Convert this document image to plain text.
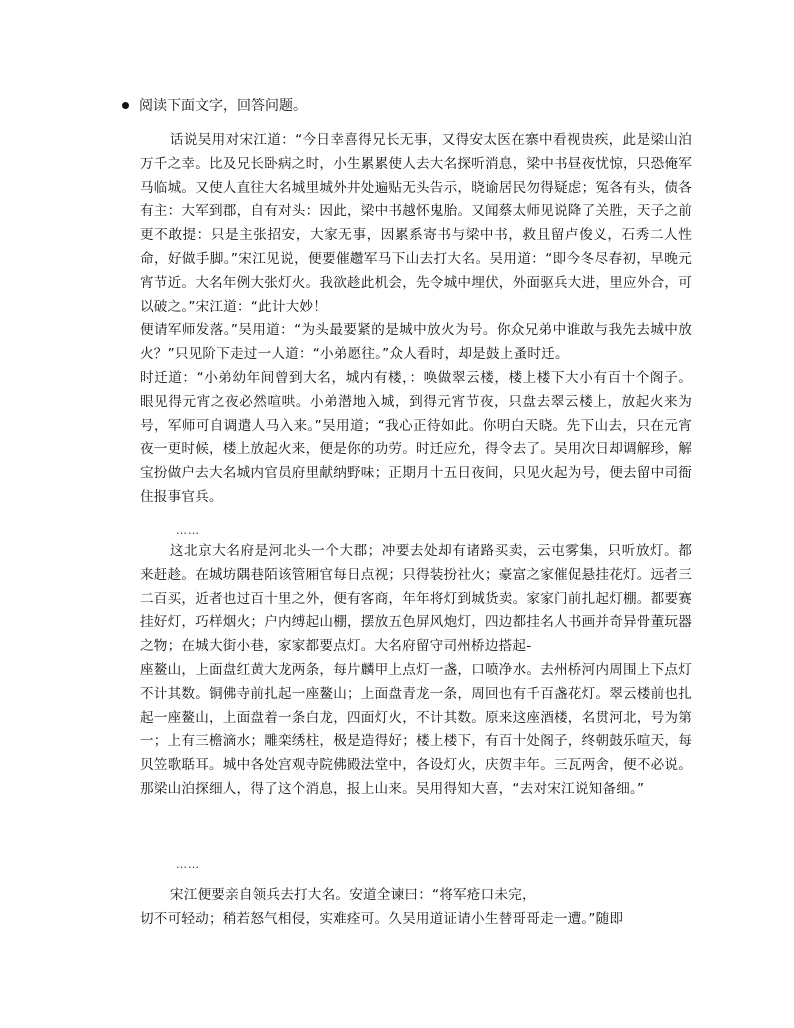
阅读下面文字，回答问题。

话说吴用对宋江道：“今日幸喜得兄长无事，又得安太医在寨中看视贵疾，此是梁山泊万千之幸。比及兄长卧病之时，小生累累使人去大名探听消息，梁中书昼夜忧惊，只恐俺军马临城。又使人直往大名城里城外井处遍贴无头告示，晓谕居民勿得疑虑；冤各有头，债各有主：大军到郡，自有对头：因此，梁中书越怀鬼胎。又闻蔡太师见说降了关胜，天子之前更不敢提：只是主张招安，大家无事，因累系寄书与梁中书，救且留卢俊义，石秀二人性命，好做手脚。”宋江见说，便要催趱军马下山去打大名。吴用道：“即今冬尽春初，早晚元宵节近。大名年例大张灯火。我欲趁此机会，先令城中埋伏，外面驱兵大进，里应外合，可以破之。”宋江道：“此计大妙！

便请军师发落。”吴用道：“为头最要紧的是城中放火为号。你众兄弟中谁敢与我先去城中放火？”只见阶下走过一人道：“小弟愿往。”众人看时，却是鼓上蚤时迁。

时迁道：“小弟幼年间曾到大名，城内有楼，：唤做翠云楼，楼上楼下大小有百十个阁子。眼见得元宵之夜必然喧哄。小弟潜地入城，到得元宵节夜，只盘去翠云楼上，放起火来为号，军师可自调遣人马入来。”吴用道；“我心正待如此。你明白天晓。先下山去，只在元宵夜一更时候，楼上放起火来，便是你的功劳。时迁应允，得令去了。吴用次日却调解珍，解宝扮做户去大名城内官员府里献纳野味；正期月十五日夜间，只见火起为号，便去留中司衙住报事官兵。

……

这北京大名府是河北头一个大郡；冲要去处却有诸路买卖，云屯雾集，只听放灯。都来赶趁。在城坊隅巷陌该管厢官每日点视；只得装扮社火；豪富之家催促悬挂花灯。远者三二百买，近者也过百十里之外，便有客商，年年将灯到城货卖。家家门前扎起灯棚。都要赛挂好灯，巧样烟火；户内缚起山棚，摆放五色屏风炮灯，四边都挂名人书画并奇异骨董玩器之物；在城大街小巷，家家都要点灯。大名府留守司州桥边搭起-

座鳌山，上面盘红黄大龙两条，每片麟甲上点灯一盏，口喷净水。去州桥河内周围上下点灯不计其数。铜佛寺前扎起一座鳌山；上面盘青龙一条，周回也有千百盏花灯。翠云楼前也扎起一座鳌山，上面盘着一条白龙，四面灯火，不计其数。原来这座酒楼，名贯河北，号为第一；上有三檐滴水；雕栾绣柱，极是造得好；楼上楼下，有百十处阁子，终朝鼓乐喧天，每贝笠歌聒耳。城中各处宫观寺院佛殿法堂中，各设灯火，庆贺丰年。三瓦两舍，便不必说。那梁山泊探细人，得了这个消息，报上山来。吴用得知大喜，“去对宋江说知备细。”

……

宋江便要亲自领兵去打大名。安道全谏曰：“将军疮口未完，

切不可轻动；稍若怒气相侵，实难痊可。久吴用道证请小生替哥哥走一遭。”随即
